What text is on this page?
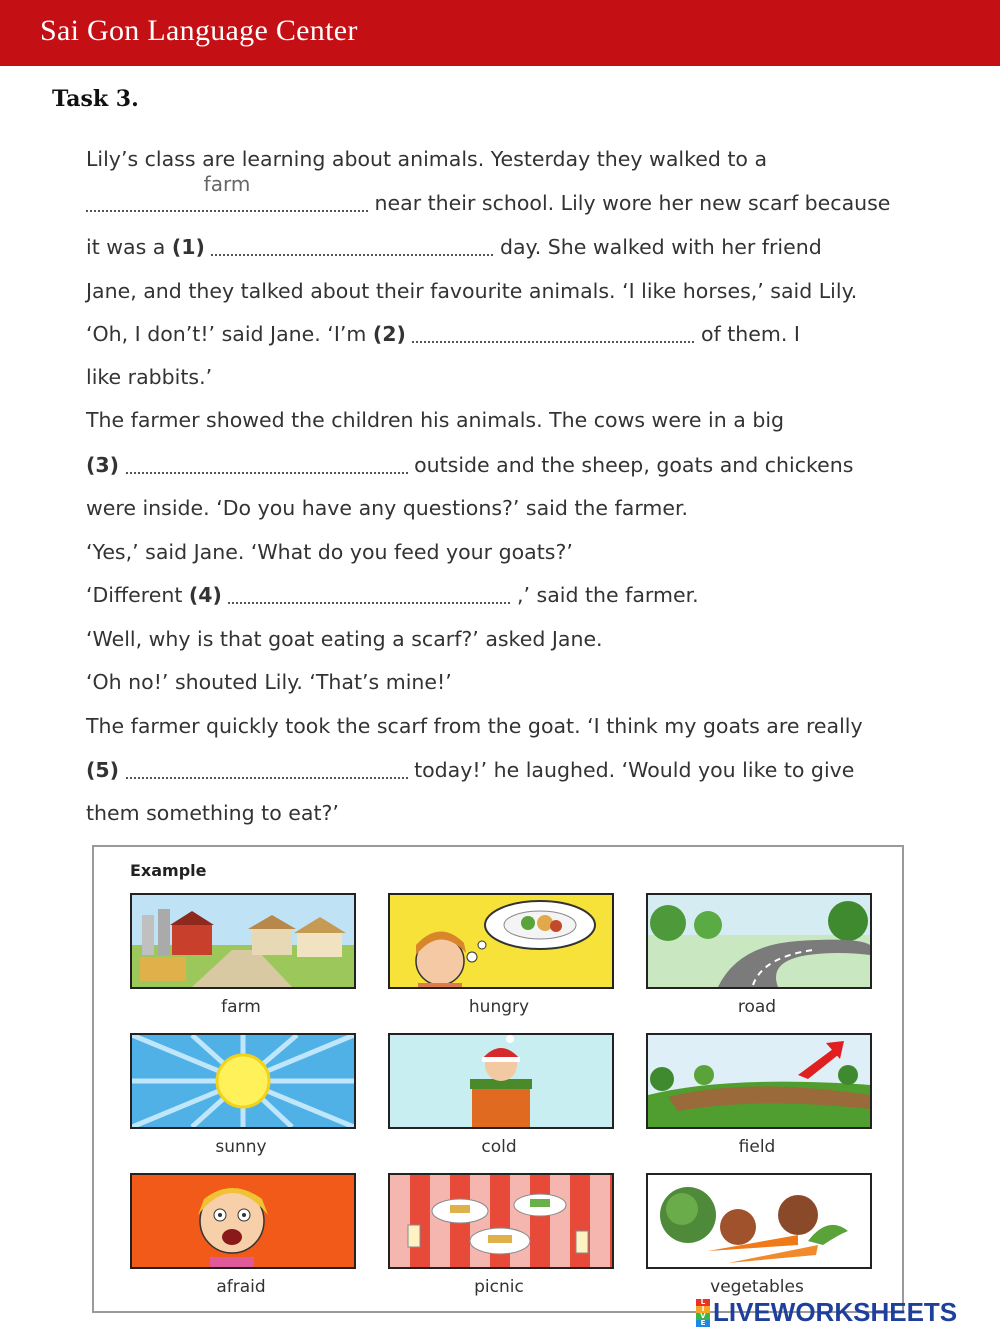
Sai Gon Language Center
Task 3.
Lily’s class are learning about animals. Yesterday they walked to a
farm
near their school. Lily wore her new scarf because
it was a (1)	day. She walked with her friend
Jane, and they talked about their favourite animals. ‘I like horses,’ said Lily.
‘Oh, I don’t!’ said Jane. ‘I’m (2)	of them. I
like rabbits.’
The farmer showed the children his animals. The cows were in a big
(3)	outside and the sheep, goats and chickens
were inside. ‘Do you have any questions?’ said the farmer.
‘Yes,’ said Jane. ‘What do you feed your goats?’
‘Different (4)	,’ said the farmer.
‘Well, why is that goat eating a scarf?’ asked Jane.
‘Oh no!’ shouted Lily. ‘That’s mine!’
The farmer quickly took the scarf from the goat. ‘I think my goats are really
(5)	today!’ he laughed. ‘Would you like to give
them something to eat?’
Example
farm	hungry	road
sunny	cold	field
afraid	picnic	vegetables
L
I
V
E LIVEWORKSHEETS
